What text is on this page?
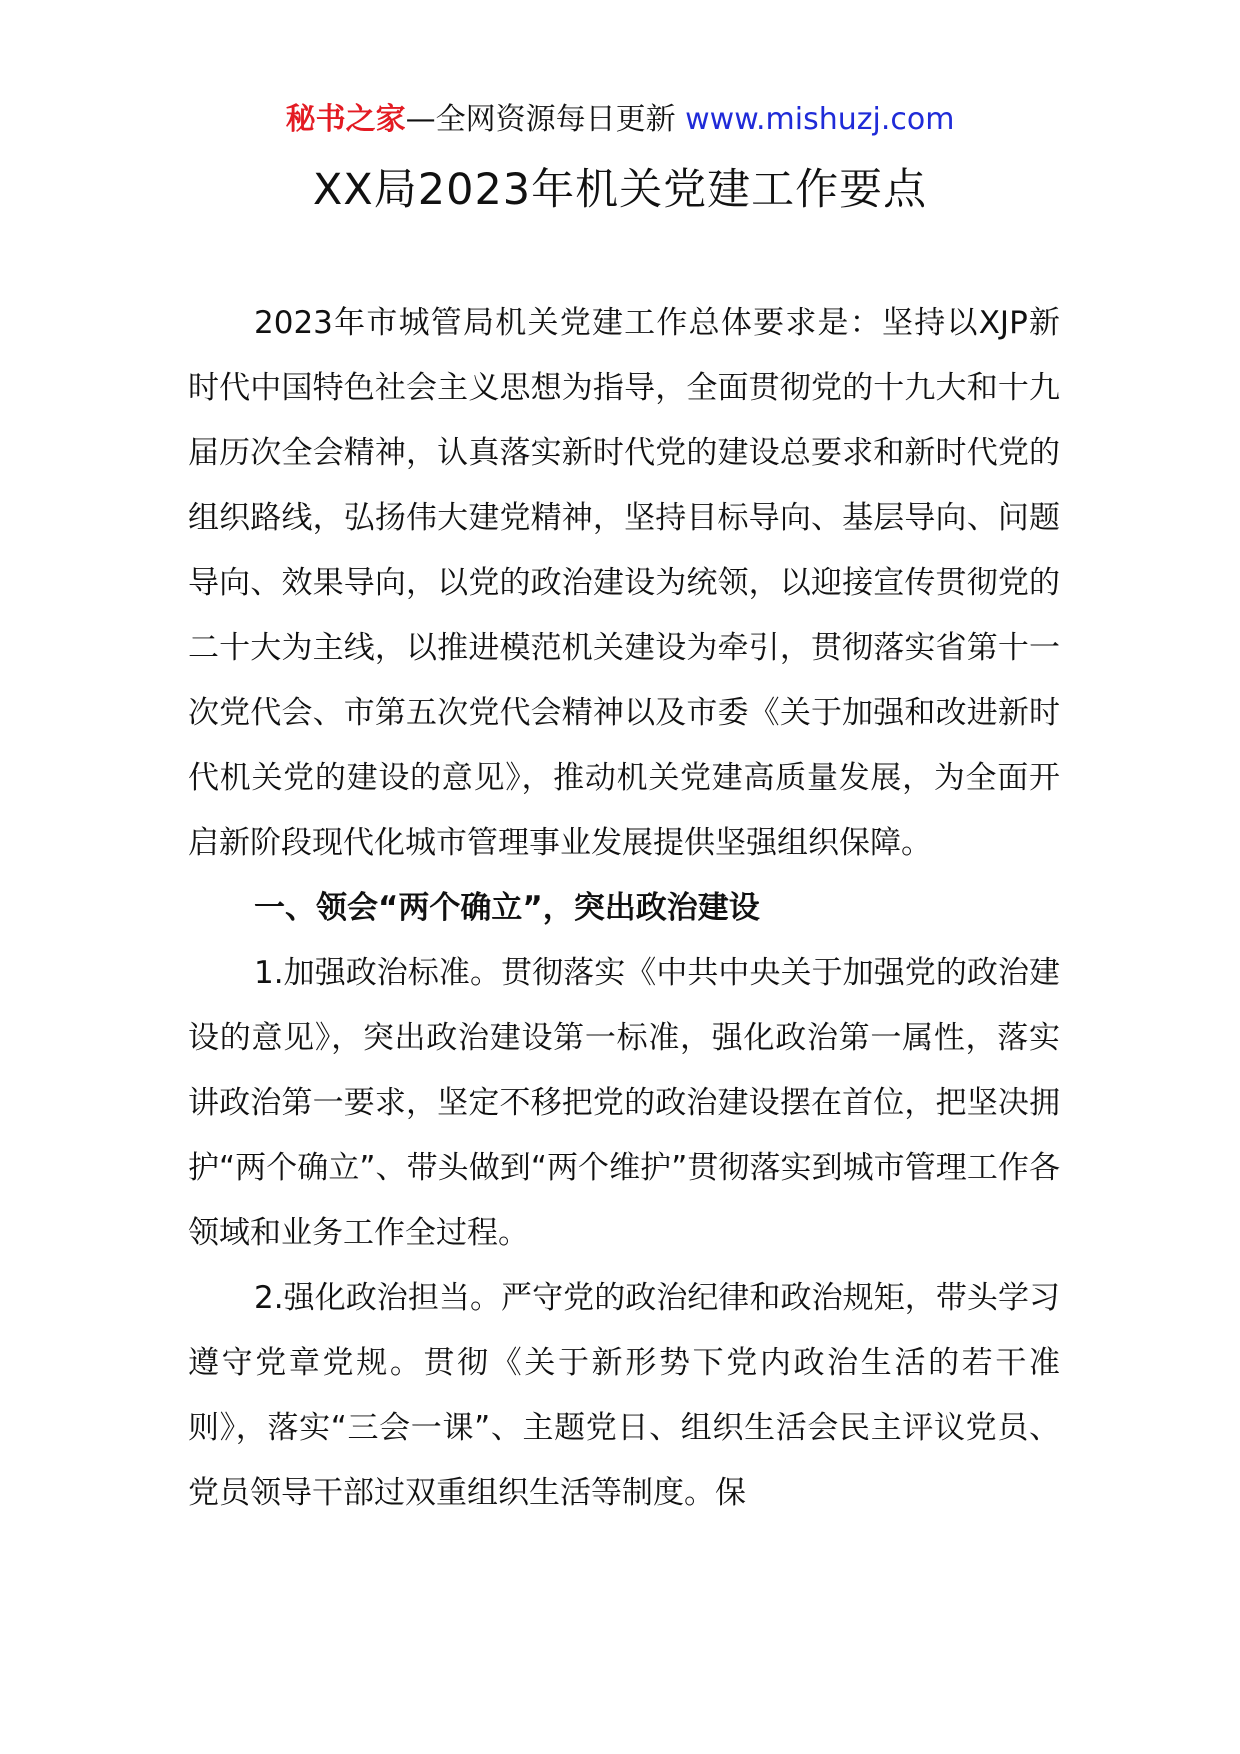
秘书之家—全网资源每日更新 www.mishuzj.com
XX局2023年机关党建工作要点

2023年市城管局机关党建工作总体要求是：坚持以XJP新时代中国特色社会主义思想为指导，全面贯彻党的十九大和十九届历次全会精神，认真落实新时代党的建设总要求和新时代党的组织路线，弘扬伟大建党精神，坚持目标导向、基层导向、问题导向、效果导向，以党的政治建设为统领，以迎接宣传贯彻党的二十大为主线，以推进模范机关建设为牵引，贯彻落实省第十一次党代会、市第五次党代会精神以及市委《关于加强和改进新时代机关党的建设的意见》，推动机关党建高质量发展，为全面开启新阶段现代化城市管理事业发展提供坚强组织保障。

一、领会“两个确立”，突出政治建设

1.加强政治标准。贯彻落实《中共中央关于加强党的政治建设的意见》，突出政治建设第一标准，强化政治第一属性，落实讲政治第一要求，坚定不移把党的政治建设摆在首位，把坚决拥护“两个确立”、带头做到“两个维护”贯彻落实到城市管理工作各领域和业务工作全过程。

2.强化政治担当。严守党的政治纪律和政治规矩，带头学习遵守党章党规。贯彻《关于新形势下党内政治生活的若干准则》，落实“三会一课”、主题党日、组织生活会民主评议党员、党员领导干部过双重组织生活等制度。保
